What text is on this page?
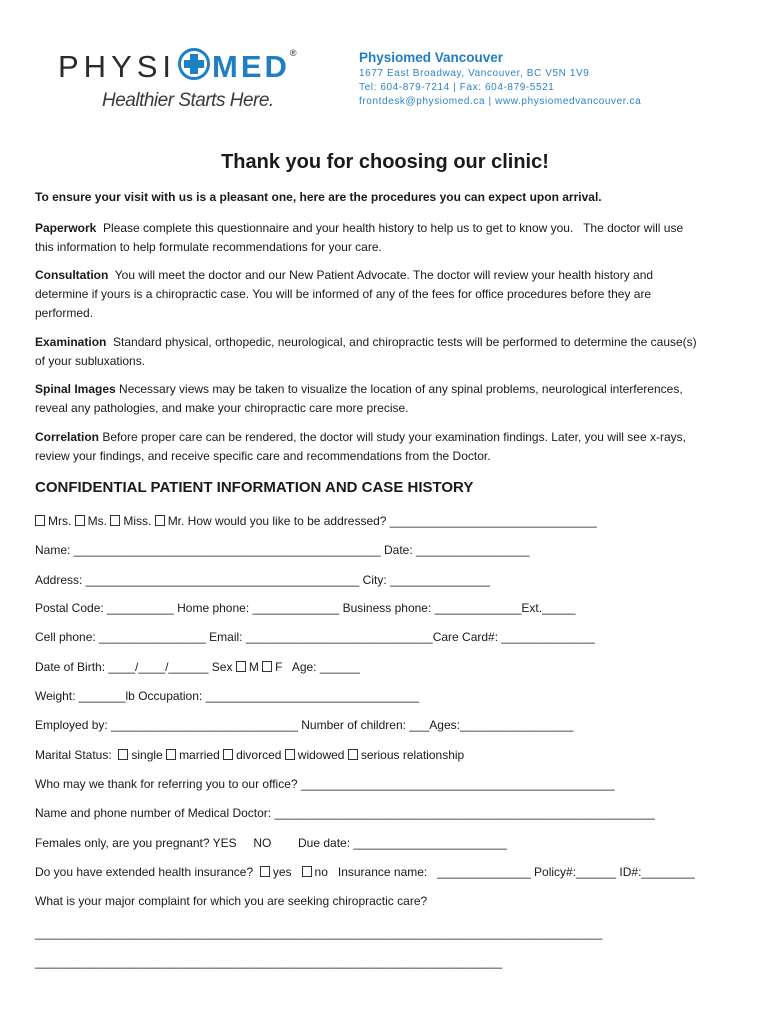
PHYSI MED®
Healthier Starts Here.
Physiomed Vancouver
1677 East Broadway, Vancouver, BC V5N 1V9
Tel: 604-879-7214 | Fax: 604-879-5521
frontdesk@physiomed.ca | www.physiomedvancouver.ca
Thank you for choosing our clinic!
To ensure your visit with us is a pleasant one, here are the procedures you can expect upon arrival.
Paperwork  Please complete this questionnaire and your health history to help us to get to know you.   The doctor will use
this information to help formulate recommendations for your care.
Consultation  You will meet the doctor and our New Patient Advocate. The doctor will review your health history and
determine if yours is a chiropractic case. You will be informed of any of the fees for office procedures before they are
performed.
Examination  Standard physical, orthopedic, neurological, and chiropractic tests will be performed to determine the cause(s)
of your subluxations.
Spinal Images Necessary views may be taken to visualize the location of any spinal problems, neurological interferences,
reveal any pathologies, and make your chiropractic care more precise.
Correlation Before proper care can be rendered, the doctor will study your examination findings. Later, you will see x-rays,
review your findings, and receive specific care and recommendations from the Doctor.
CONFIDENTIAL PATIENT INFORMATION AND CASE HISTORY
Mrs. Ms. Miss. Mr. How would you like to be addressed? _______________________________
Name: ______________________________________________ Date: _________________
Address: _________________________________________ City: _______________
Postal Code: __________ Home phone: _____________ Business phone: _____________Ext._____
Cell phone: ________________ Email: ____________________________Care Card#: ______________
Date of Birth: ____/____/______ Sex M F   Age: ______
Weight: _______lb Occupation: ________________________________
Employed by: ____________________________ Number of children: ___Ages:_________________
Marital Status:  single married divorced widowed serious relationship
Who may we thank for referring you to our office? _______________________________________________
Name and phone number of Medical Doctor: _________________________________________________________
Females only, are you pregnant? YES     NO        Due date: _______________________
Do you have extended health insurance?  yes   no   Insurance name:   ______________ Policy#:______ ID#:________
What is your major complaint for which you are seeking chiropractic care?
_____________________________________________________________________________________
______________________________________________________________________
